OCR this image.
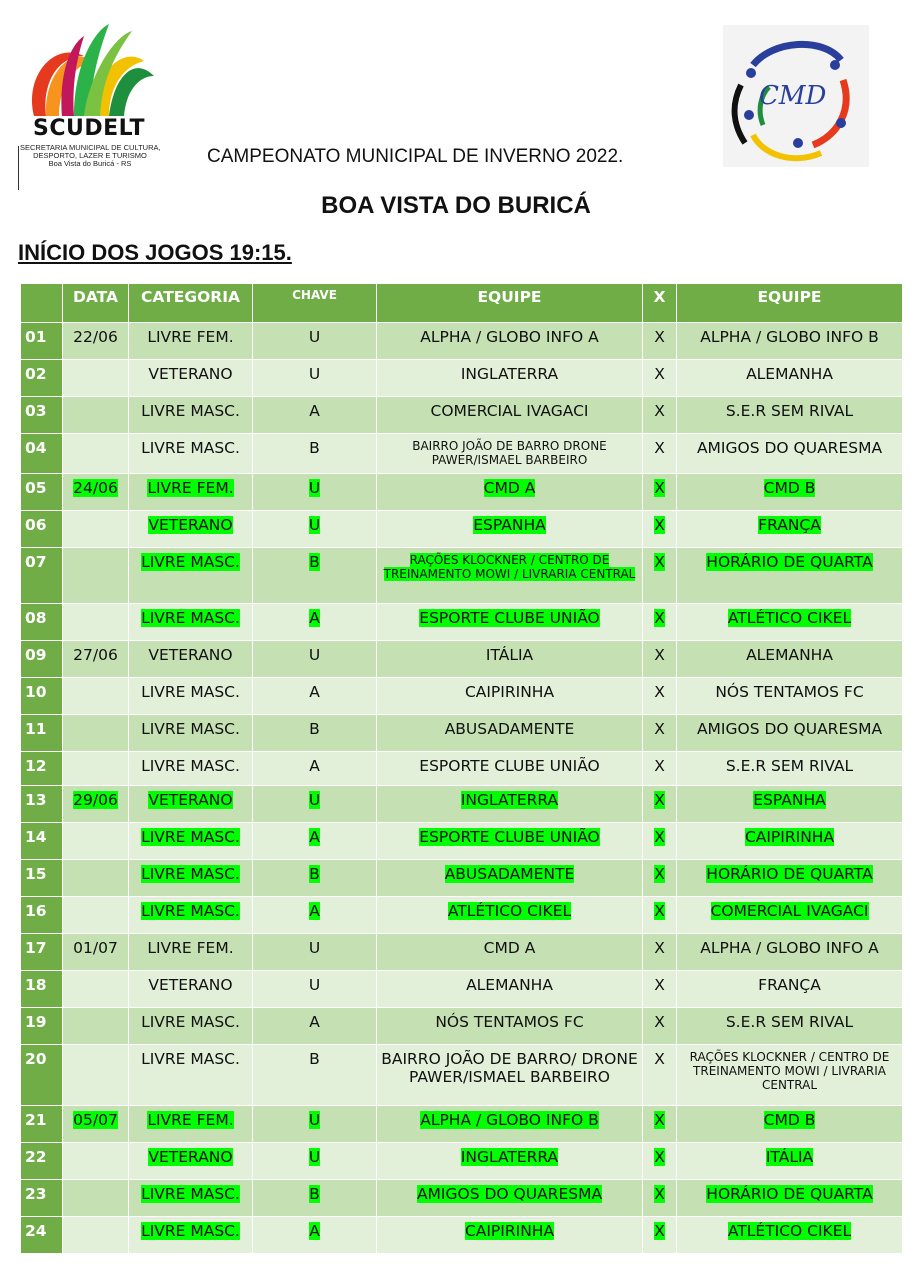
SCUDELT
SECRETARIA MUNICIPAL DE CULTURA,
DESPORTO, LAZER E TURISMO
Boa Vista do Buricá - RS
CMD
CAMPEONATO MUNICIPAL DE INVERNO 2022.
BOA VISTA DO BURICÁ
INÍCIO DOS JOGOS 19:15.
	DATA	CATEGORIA	CHAVE	EQUIPE	X	EQUIPE
01	22/06	LIVRE FEM.	U	ALPHA / GLOBO INFO A	X	ALPHA / GLOBO INFO B
02		VETERANO	U	INGLATERRA	X	ALEMANHA
03		LIVRE MASC.	A	COMERCIAL IVAGACI	X	S.E.R SEM RIVAL
04		LIVRE MASC.	B	BAIRRO JOÃO DE BARRO DRONE PAWER/ISMAEL BARBEIRO	X	AMIGOS DO QUARESMA
05	24/06	LIVRE FEM.	U	CMD A	X	CMD B
06		VETERANO	U	ESPANHA	X	FRANÇA
07		LIVRE MASC.	B	RAÇÕES KLOCKNER / CENTRO DE TREINAMENTO MOWI / LIVRARIA CENTRAL	X	HORÁRIO DE QUARTA
08		LIVRE MASC.	A	ESPORTE CLUBE UNIÃO	X	ATLÉTICO CIKEL
09	27/06	VETERANO	U	ITÁLIA	X	ALEMANHA
10		LIVRE MASC.	A	CAIPIRINHA	X	NÓS TENTAMOS FC
11		LIVRE MASC.	B	ABUSADAMENTE	X	AMIGOS DO QUARESMA
12		LIVRE MASC.	A	ESPORTE CLUBE UNIÃO	X	S.E.R SEM RIVAL
13	29/06	VETERANO	U	INGLATERRA	X	ESPANHA
14		LIVRE MASC.	A	ESPORTE CLUBE UNIÃO	X	CAIPIRINHA
15		LIVRE MASC.	B	ABUSADAMENTE	X	HORÁRIO DE QUARTA
16		LIVRE MASC.	A	ATLÉTICO CIKEL	X	COMERCIAL IVAGACI
17	01/07	LIVRE FEM.	U	CMD A	X	ALPHA / GLOBO INFO A
18		VETERANO	U	ALEMANHA	X	FRANÇA
19		LIVRE MASC.	A	NÓS TENTAMOS FC	X	S.E.R SEM RIVAL
20		LIVRE MASC.	B	BAIRRO JOÃO DE BARRO/ DRONE PAWER/ISMAEL BARBEIRO	X	RAÇÕES KLOCKNER / CENTRO DE TREINAMENTO MOWI / LIVRARIA CENTRAL
21	05/07	LIVRE FEM.	U	ALPHA / GLOBO INFO B	X	CMD B
22		VETERANO	U	INGLATERRA	X	ITÁLIA
23		LIVRE MASC.	B	AMIGOS DO QUARESMA	X	HORÁRIO DE QUARTA
24		LIVRE MASC.	A	CAIPIRINHA	X	ATLÉTICO CIKEL
